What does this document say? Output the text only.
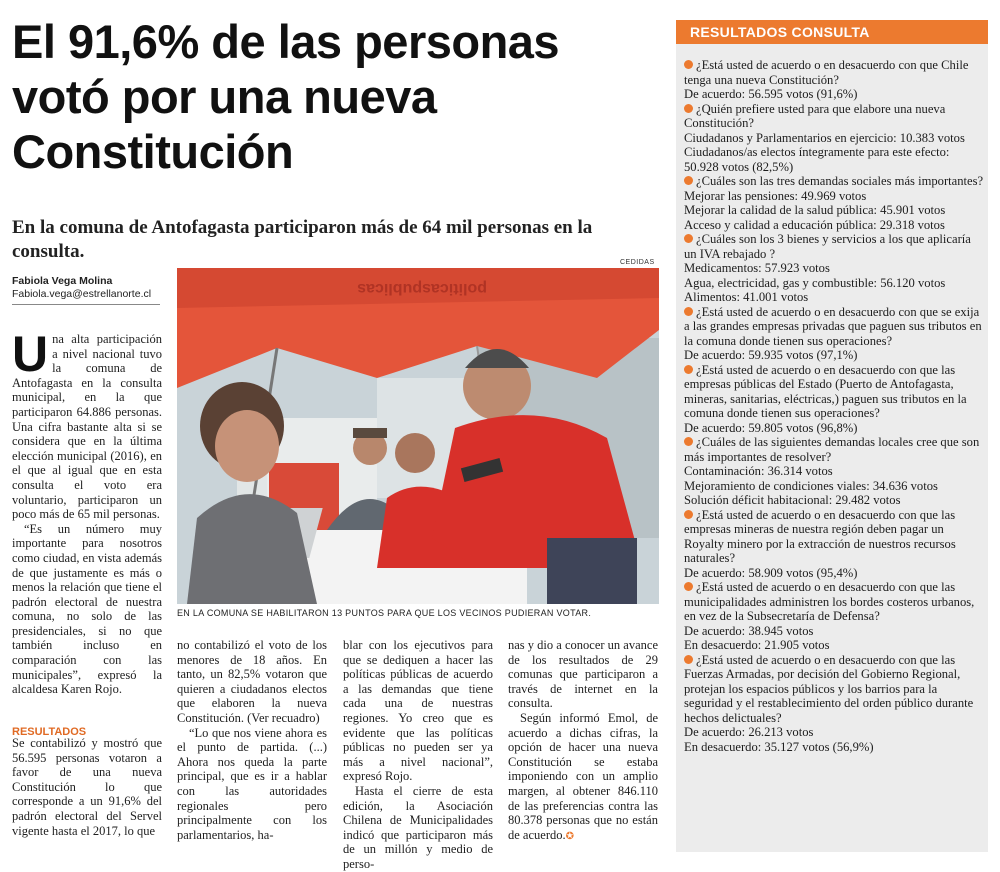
El 91,6% de las personas votó por una nueva Constitución

En la comuna de Antofagasta participaron más de 64 mil personas en la consulta.

Fabiola Vega Molina
Fabiola.vega@estrellanorte.cl
CEDIDAS
politicaspublicas
EN LA COMUNA SE HABILITARON 13 PUNTOS PARA QUE LOS VECINOS PUDIERAN VOTAR.
U na alta participación a nivel nacional tuvo la comuna de Antofagasta en la consulta municipal, en la que participaron 64.886 personas. Una cifra bastante alta si se considera que en la última elección municipal (2016), en el que al igual que en esta consulta el voto era voluntario, participaron un poco más de 65 mil personas.

“Es un número muy importante para nosotros como ciudad, en vista además de que justamente es más o menos la relación que tiene el padrón electoral de nuestra comuna, no solo de las presidenciales, si no que también incluso en comparación con las municipales”, expresó la alcaldesa Karen Rojo.

RESULTADOS

Se contabilizó y mostró que 56.595 personas votaron a favor de una nueva Constitución lo que corresponde a un 91,6% del padrón electoral del Servel vigente hasta el 2017, lo que

no contabilizó el voto de los menores de 18 años. En tanto, un 82,5% votaron que quieren a ciudadanos electos que elaboren la nueva Constitución. (Ver recuadro)

“Lo que nos viene ahora es el punto de partida. (...) Ahora nos queda la parte principal, que es ir a hablar con las autoridades regionales pero principalmente con los parlamentarios, ha-

blar con los ejecutivos para que se dediquen a hacer las políticas públicas de acuerdo a las demandas que tiene cada una de nuestras regiones. Yo creo que es evidente que las políticas públicas no pueden ser ya más a nivel nacional”, expresó Rojo.

Hasta el cierre de esta edición, la Asociación Chilena de Municipalidades indicó que participaron más de un millón y medio de perso-

nas y dio a conocer un avance de los resultados de 29 comunas que participaron a través de internet en la consulta.

Según informó Emol, de acuerdo a dichas cifras, la opción de hacer una nueva Constitución se estaba imponiendo con un amplio margen, al obtener 846.110 de las preferencias contra las 80.378 personas que no están de acuerdo.✪

RESULTADOS CONSULTA
¿Está usted de acuerdo o en desacuerdo con que Chile tenga una nueva Constitución?
De acuerdo: 56.595 votos (91,6%)
¿Quién prefiere usted para que elabore una nueva Constitución?
Ciudadanos y Parlamentarios en ejercicio: 10.383 votos
Ciudadanos/as electos íntegramente para este efecto: 50.928 votos (82,5%)
¿Cuáles son las tres demandas sociales más importantes?
Mejorar las pensiones: 49.969 votos
Mejorar la calidad de la salud pública: 45.901 votos
Acceso y calidad a educación pública: 29.318 votos
¿Cuáles son los 3 bienes y servicios a los que aplicaría un IVA rebajado ?
Medicamentos: 57.923 votos
Agua, electricidad, gas y combustible: 56.120 votos
Alimentos: 41.001 votos
¿Está usted de acuerdo o en desacuerdo con que se exija a las grandes empresas privadas que paguen sus tributos en la comuna donde tienen sus operaciones?
De acuerdo: 59.935 votos (97,1%)
¿Está usted de acuerdo o en desacuerdo con que las empresas públicas del Estado (Puerto de Antofagasta, mineras, sanitarias, eléctricas,) paguen sus tributos en la comuna donde tienen sus operaciones?
De acuerdo: 59.805 votos (96,8%)
¿Cuáles de las siguientes demandas locales cree que son más importantes de resolver?
Contaminación: 36.314 votos
Mejoramiento de condiciones viales: 34.636 votos
Solución déficit habitacional: 29.482 votos
¿Está usted de acuerdo o en desacuerdo con que las empresas mineras de nuestra región deben pagar un Royalty minero por la extracción de nuestros recursos naturales?
De acuerdo: 58.909 votos (95,4%)
¿Está usted de acuerdo o en desacuerdo con que las municipalidades administren los bordes costeros urbanos, en vez de la Subsecretaría de Defensa?
De acuerdo: 38.945 votos
En desacuerdo: 21.905 votos
¿Está usted de acuerdo o en desacuerdo con que las Fuerzas Armadas, por decisión del Gobierno Regional, protejan los espacios públicos y los barrios para la seguridad y el restablecimiento del orden público durante hechos delictuales?
De acuerdo: 26.213 votos
En desacuerdo: 35.127 votos (56,9%)
